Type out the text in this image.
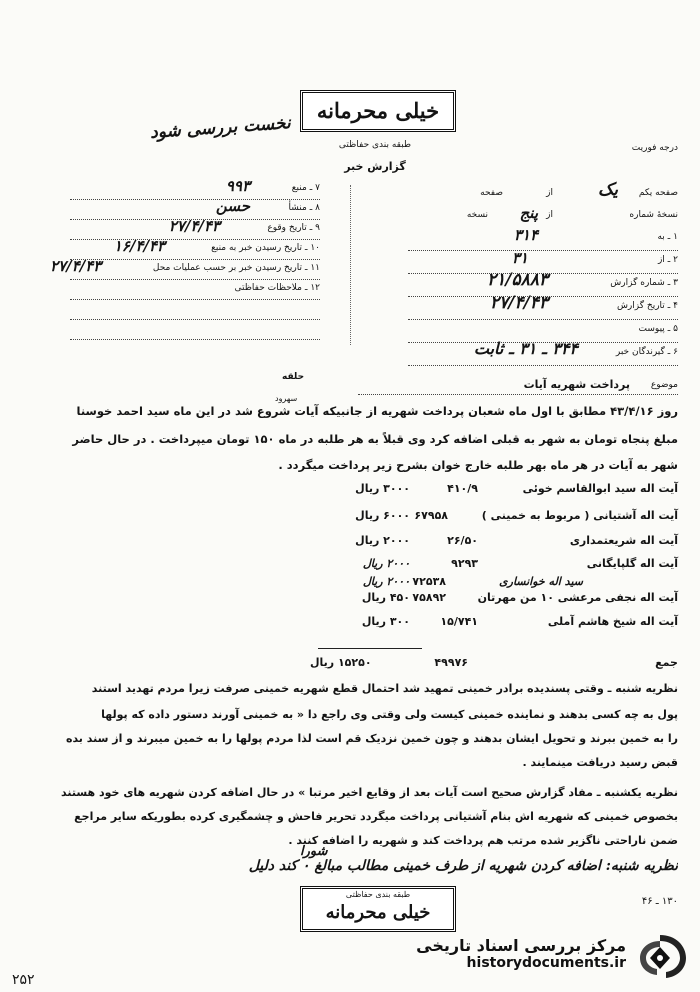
خیلی محرمانه
نخست بررسی شود
طبقه بندی حفاظتی
گزارش خبر
درجه فوریت
صفحه یکم
از	یک
صفحه
نسخهٔ شماره
از
پنج
نسخه
۱ ـ به
۳۱۴
۲ ـ از
۳۱
۳ ـ شماره گزارش
۲۱/۵۸۸۳
۴ ـ تاریخ گزارش
۲۷/۴/۴۳
۵ ـ پیوست
۶ ـ گیرندگان خبر
۳۴۴ ـ ۳۱ ـ ثابت
۷ ـ منبع
۹۹۳
۸ ـ منشأ
حسن
۹ ـ تاریخ وقوع
۲۷/۴/۴۳
۱۰ ـ تاریخ رسیدن خبر به منبع
۱۶/۴/۴۳
۱۱ ـ تاریخ رسیدن خبر بر حسب عملیات محل
۲۷/۴/۴۳
۱۲ ـ ملاحظات حفاظتی
حلقه
سهرود
موضوع
پرداخت شهریه آیات
روز ۴۳/۴/۱۶ مطابق با اول ماه شعبان پرداخت شهریه از جانبیکه آیات شروع شد در این ماه سید احمد خوسنا
مبلغ پنجاه تومان به شهر به قبلی اضافه کرد وی قبلاً به هر طلبه در ماه ۱۵۰ تومان میپرداخت . در حال حاضر
شهر به آیات در هر ماه بهر طلبه خارج خوان بشرح زیر پرداخت میگردد .
آیت اله سید ابوالقاسم خوئی
۴۱۰/۹
آیت اله آشتیانی ( مربوط به خمینی )
۶۷۹۵۸
آیت اله شریعتمداری
۲۶/۵۰
آیت اله گلپایگانی
۹۲۹۳
سید اله خوانساری
۷۲۵۳۸
آیت اله نجفی مرعشی ۱۰ من مهرتان
۷۵۸۹۲
آیت اله شیخ هاشم آملی
۱۵/۷۴۱
۳۰۰۰ ریال
۶۰۰۰ ریال
۲۰۰۰ ریال
۲۰۰۰ ریال
۲۰۰۰ ریال
۴۵۰ ریال
۳۰۰ ریال
جمع
۴۹۹۷۶
۱۵۲۵۰ ریال
نظریه شنبه ـ وقتی پسندیده برادر خمینی تمهید شد احتمال قطع شهریه خمینی صرفت زیرا مردم تهدید استند
پول به چه کسی بدهند و نماینده خمینی کیست ولی وقتی وی راجع دا « به خمینی آورند دستور داده که پولها
را به خمین ببرند و تحویل ایشان بدهند و چون خمین نزدیک قم است لذا مردم پولها را به خمین میبرند و از سند بده
قبض رسید دریافت مینمایند .
نظریه یکشنبه ـ مفاد گزارش صحیح است آیات بعد از وقایع اخیر مرتبا » در حال اضافه کردن شهریه های خود هستند
بخصوص خمینی که شهریه اش بنام آشتیانی پرداخت میگردد تحریر فاحش و چشمگیری کرده بطوریکه سایر مراجع
ضمن ناراحتی ناگزیر شده مرتب هم پرداخت کند و شهریه را اضافه کنند .
نظریه شنبه: اضافه کردن شهریه از طرف خمینی مطالب مبالغ ۰ کند دلیل
شورا
طبقه بندی حفاظتی
خیلی محرمانه
۱۳۰ ـ ۴۶
۲۵۲
مرکز بررسی اسناد تاریخی
historydocuments.ir
